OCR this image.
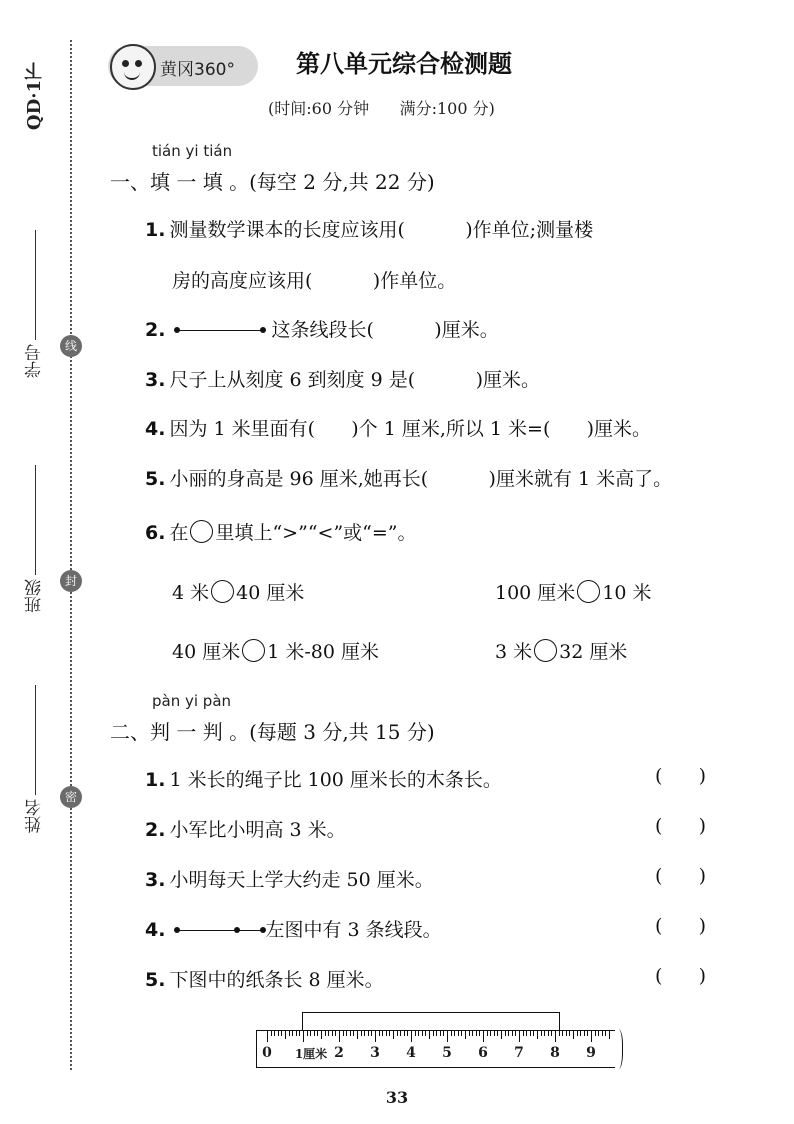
QD·1下
学号
班级
姓名
线
封
密
黄冈360°	第八单元综合检测题
(时间:60 分钟      满分:100 分)
tián yi tián
一、填 一 填 。(每空 2 分,共 22 分)
1. 测量数学课本的长度应该用(          )作单位;测量楼
房的高度应该用(          )作单位。
2.	这条线段长(          )厘米。
3. 尺子上从刻度 6 到刻度 9 是(          )厘米。
4. 因为 1 米里面有(      )个 1 厘米,所以 1 米=(      )厘米。
5. 小丽的身高是 96 厘米,她再长(          )厘米就有 1 米高了。
6. 在 里填上“>”“<”或“=”。
4 米 40 厘米	100 厘米 10 米
40 厘米 1 米-80 厘米	3 米 32 厘米
pàn yi pàn
二、判 一 判 。(每题 3 分,共 15 分)
1. 1 米长的绳子比 100 厘米长的木条长。	(      )
2. 小军比小明高 3 米。	(      )
3. 小明每天上学大约走 50 厘米。	(      )
4.	左图中有 3 条线段。	(      )
5. 下图中的纸条长 8 厘米。	(      )
0 1厘米 2 3 4 5 6 7 8 9
33
